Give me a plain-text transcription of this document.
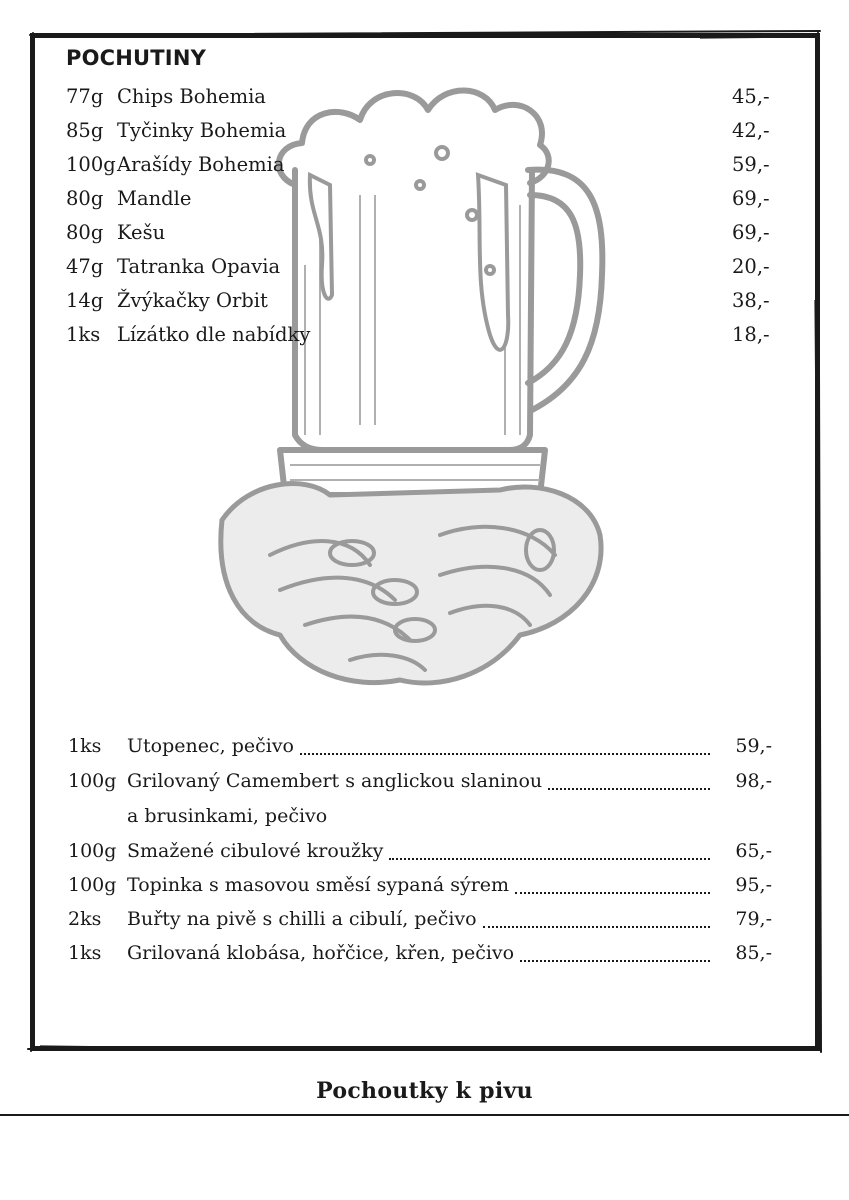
POCHUTINY
77g Chips Bohemia	45,-
85g Tyčinky Bohemia	42,-
100g Arašídy Bohemia	59,-
80g Mandle	69,-
80g Kešu	69,-
47g Tatranka Opavia	20,-
14g Žvýkačky Orbit	38,-
1ks Lízátko dle nabídky	18,-
1ks Utopenec, pečivo	59,-
100g Grilovaný Camembert s anglickou slaninou	98,-
a brusinkami, pečivo
100g Smažené cibulové kroužky	65,-
100g Topinka s masovou směsí sypaná sýrem	95,-
2ks Buřty na pivě s chilli a cibulí, pečivo	79,-
1ks Grilovaná klobása, hořčice, křen, pečivo	85,-
Pochoutky k pivu
